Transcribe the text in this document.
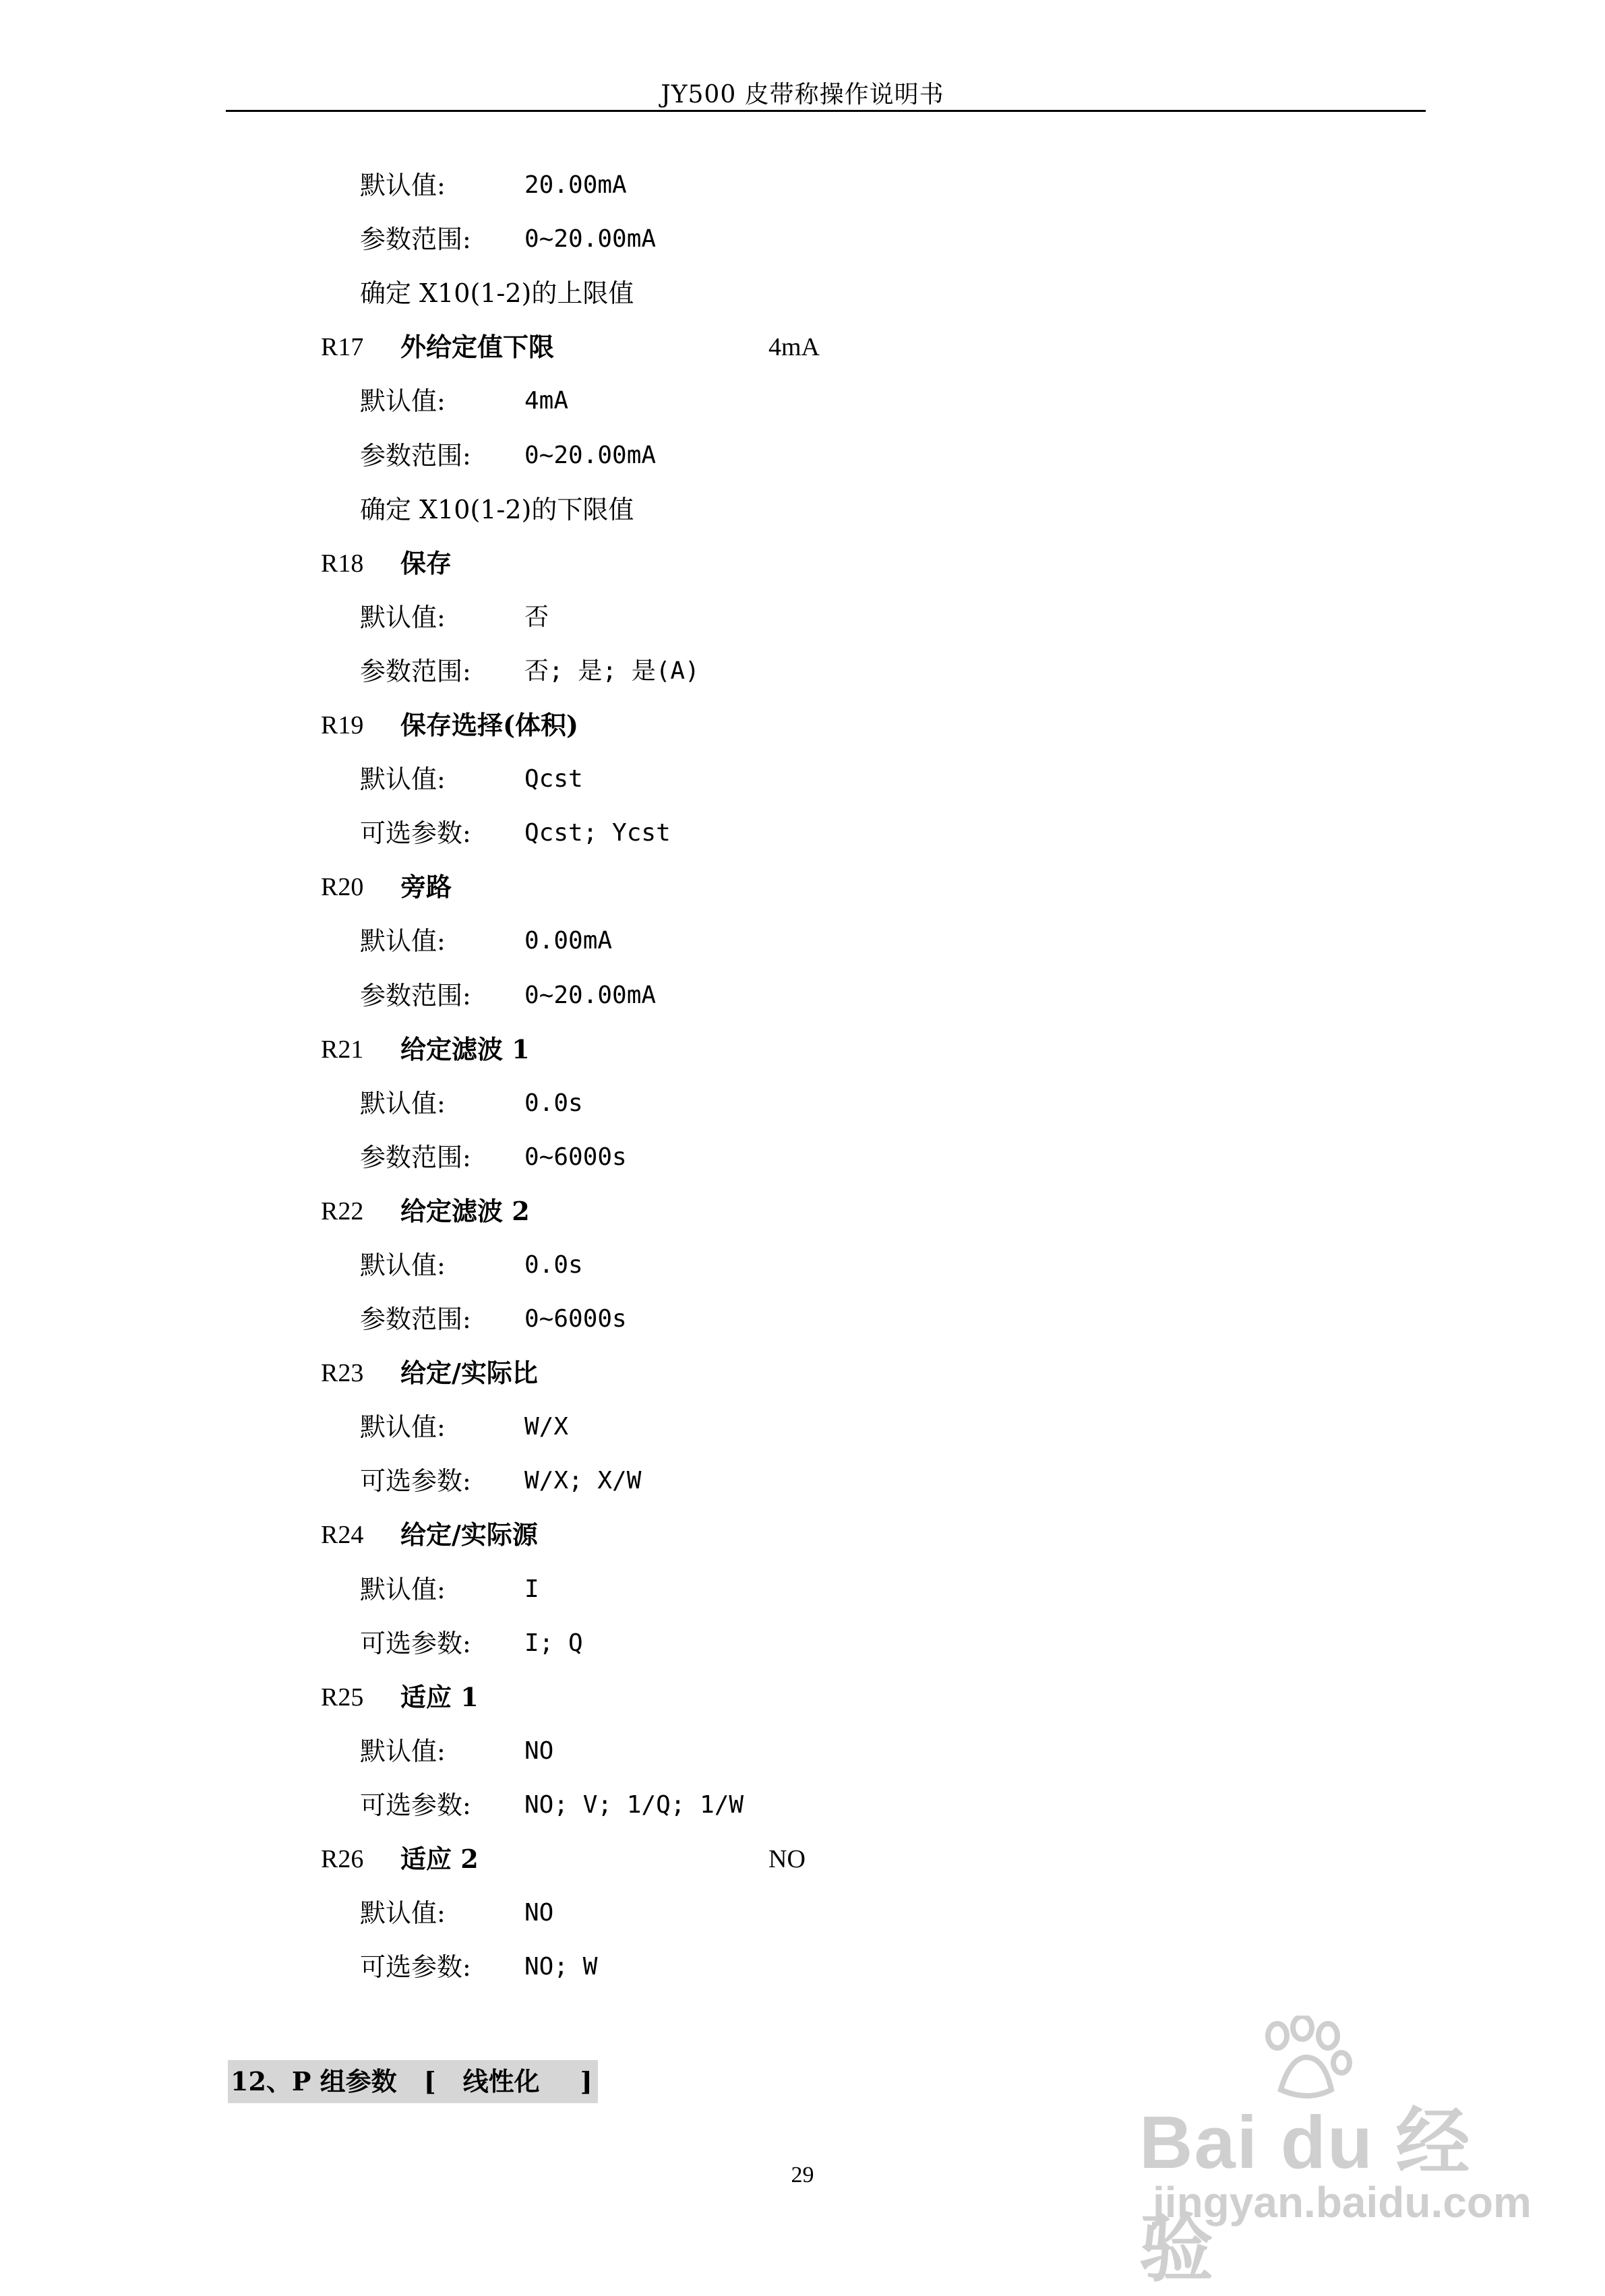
JY500 皮带称操作说明书
默认值:	20.00mA
参数范围: 0~20.00mA
确定 X10(1-2)的上限值
R17 外给定值下限	4mA
默认值:	4mA
参数范围: 0~20.00mA
确定 X10(1-2)的下限值
R18 保存
默认值:	否
参数范围: 否; 是; 是(A)
R19 保存选择(体积)
默认值:	Qcst
可选参数: Qcst; Ycst
R20 旁路
默认值:	0.00mA
参数范围: 0~20.00mA
R21 给定滤波 1
默认值:	0.0s
参数范围: 0~6000s
R22 给定滤波 2
默认值:	0.0s
参数范围: 0~6000s
R23 给定/实际比
默认值:	W/X
可选参数: W/X; X/W
R24 给定/实际源
默认值:	I
可选参数: I; Q
R25 适应 1
默认值:	NO
可选参数: NO; V; 1/Q; 1/W
R26 适应 2	NO
默认值:	NO
可选参数: NO; W
12、P 组参数 [ 线性化 ]
29	Bai du 经验
jingyan.baidu.com
